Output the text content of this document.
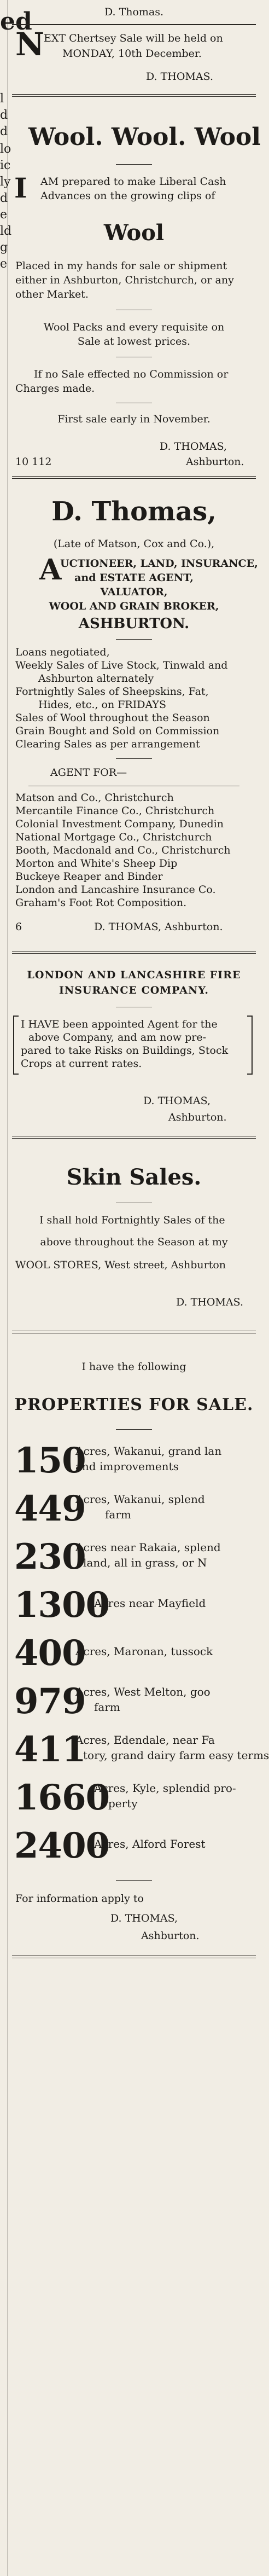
ed
l
d
d
lo
ic
ly
d
e
ld
g
e
D. Thomas.
N
EXT Chertsey Sale will be held on
MONDAY, 10th December.
D. THOMAS.
Wool. Wool. Wool
I AM prepared to make Liberal Cash
Advances on the growing clips of
Wool
Placed in my hands for sale or shipment
either in Ashburton, Christchurch, or any
other Market.
Wool Packs and every requisite on
Sale at lowest prices.
If no Sale effected no Commission or
Charges made.
First sale early in November.
D. THOMAS,
10 112	Ashburton.
D. Thomas,
(Late of Matson, Cox and Co.),
A
UCTIONEER, LAND, INSURANCE,
and ESTATE AGENT,
VALUATOR,
WOOL AND GRAIN BROKER,
ASHBURTON.
Loans negotiated,
Weekly Sales of Live Stock, Tinwald and
Ashburton alternately
Fortnightly Sales of Sheepskins, Fat,
Hides, etc., on FRIDAYS
Sales of Wool throughout the Season
Grain Bought and Sold on Commission
Clearing Sales as per arrangement
AGENT FOR—
Matson and Co., Christchurch
Mercantile Finance Co., Christchurch
Colonial Investment Company, Dunedin
National Mortgage Co., Christchurch
Booth, Macdonald and Co., Christchurch
Morton and White's Sheep Dip
Buckeye Reaper and Binder
London and Lancashire Insurance Co.
Graham's Foot Rot Composition.
6	D. THOMAS, Ashburton.
LONDON AND LANCASHIRE FIRE
INSURANCE COMPANY.
I HAVE been appointed Agent for the
above Company, and am now pre-
pared to take Risks on Buildings, Stock
Crops at current rates.
D. THOMAS,
Ashburton.
Skin Sales.
I shall hold Fortnightly Sales of the
above throughout the Season at my
WOOL STORES, West street, Ashburton
D. THOMAS.
I have the following
PROPERTIES FOR SALE.
150
Acres, Wakanui, grand lan
and improvements
449
Acres, Wakanui, splend
farm
230
Acres near Rakaia, splend
land, all in grass, or N
1300
Acres near Mayfield
400
Acres, Maronan, tussock
979
Acres, West Melton, goo
farm
411
Acres, Edendale, near Fa
tory, grand dairy farm easy terms
1660
Acres, Kyle, splendid pro-
perty
2400
Acres, Alford Forest
For information apply to
D. THOMAS,
Ashburton.
